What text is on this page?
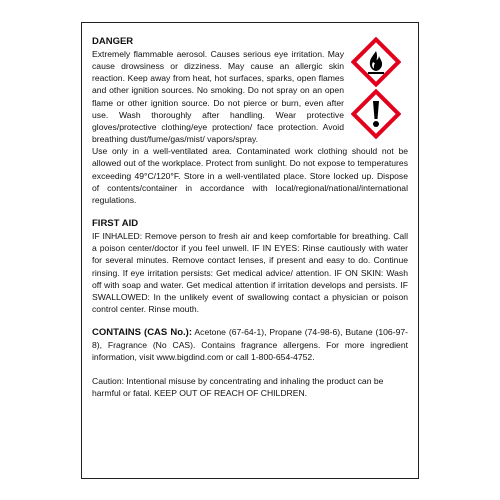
DANGER

Extremely flammable aerosol. Causes serious eye irritation. May cause drowsiness or dizziness. May cause an allergic skin reaction. Keep away from heat, hot surfaces, sparks, open flames and other ignition sources. No smoking. Do not spray on an open flame or other ignition source. Do not pierce or burn, even after use. Wash thoroughly after handling. Wear protective gloves/protective clothing/eye protection/ face protection. Avoid breathing dust/fume/gas/mist/ vapors/spray.

Use only in a well-ventilated area. Contaminated work clothing should not be allowed out of the workplace. Protect from sunlight. Do not expose to temperatures exceeding 49°C/120°F. Store in a well-ventilated place. Store locked up. Dispose of contents/container in accordance with local/regional/national/international regulations.

FIRST AID

IF INHALED: Remove person to fresh air and keep comfortable for breathing. Call a poison center/doctor if you feel unwell. IF IN EYES: Rinse cautiously with water for several minutes. Remove contact lenses, if present and easy to do. Continue rinsing. If eye irritation persists: Get medical advice/ attention. IF ON SKIN: Wash off with soap and water. Get medical attention if irritation develops and persists. IF SWALLOWED: In the unlikely event of swallowing contact a physician or poison control center. Rinse mouth.

CONTAINS (CAS No.): Acetone (67-64-1), Propane (74-98-6), Butane (106-97-8), Fragrance (No CAS). Contains fragrance allergens. For more ingredient information, visit www.bigdind.com or call 1-800-654-4752.

Caution: Intentional misuse by concentrating and inhaling the product can be harmful or fatal. KEEP OUT OF REACH OF CHILDREN.
